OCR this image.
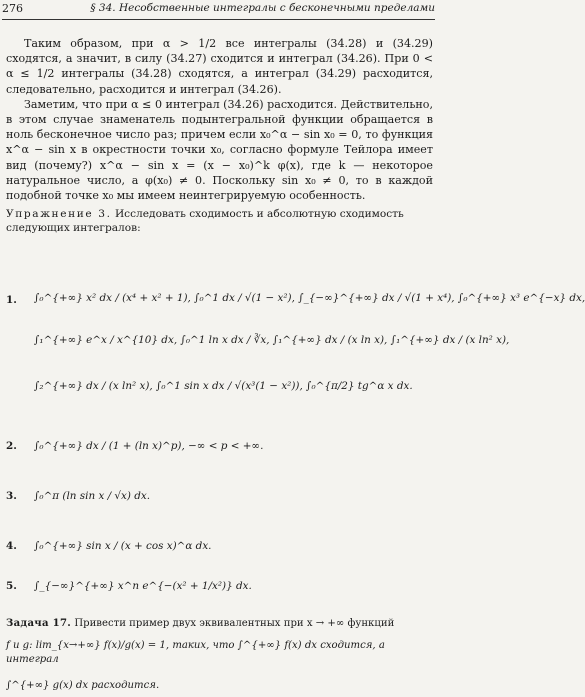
276	§ 34. Несобственные интегралы с бесконечными пределами

Таким образом, при α > 1/2 все интегралы (34.28) и (34.29) сходятся, а значит, в силу (34.27) сходится и интеграл (34.26). При 0 < α ≤ 1/2 интегралы (34.28) сходятся, а интеграл (34.29) расходится, следовательно, расходится и интеграл (34.26).

Заметим, что при α ≤ 0 интеграл (34.26) расходится. Действительно, в этом случае знаменатель подынтегральной функции обращается в ноль бесконечное число раз; причем если x₀^α − sin x₀ = 0, то функция x^α − sin x в окрестности точки x₀, согласно формуле Тейлора имеет вид (почему?) x^α − sin x = (x − x₀)^k φ(x), где k — некоторое натуральное число, а φ(x₀) ≠ 0. Поскольку sin x₀ ≠ 0, то в каждой подобной точке x₀ мы имеем неинтегрируемую особенность.

Упражнение 3. Исследовать сходимость и абсолютную сходимость следующих интегралов:

1. ∫₀^{+∞} x² dx / (x⁴ + x² + 1), ∫₀^1 dx / √(1 − x²), ∫_{−∞}^{+∞} dx / √(1 + x⁴), ∫₀^{+∞} x³ e^{−x} dx,
∫₁^{+∞} e^x / x^{10} dx, ∫₀^1 ln x dx / ∛x, ∫₁^{+∞} dx / (x ln x), ∫₁^{+∞} dx / (x ln² x),
∫₂^{+∞} dx / (x ln² x), ∫₀^1 sin x dx / √(x³(1 − x²)), ∫₀^{π/2} tg^α x dx.
2. ∫₀^{+∞} dx / (1 + (ln x)^p), −∞ < p < +∞.
3. ∫₀^π (ln sin x / √x) dx.
4. ∫₀^{+∞} sin x / (x + cos x)^α dx.
5. ∫_{−∞}^{+∞} x^n e^{−(x² + 1/x²)} dx.
Задача 17. Привести пример двух эквивалентных при x → +∞ функций
f и g: lim_{x→+∞} f(x)/g(x) = 1, таких, что ∫^{+∞} f(x) dx сходится, а интеграл
∫^{+∞} g(x) dx расходится.
